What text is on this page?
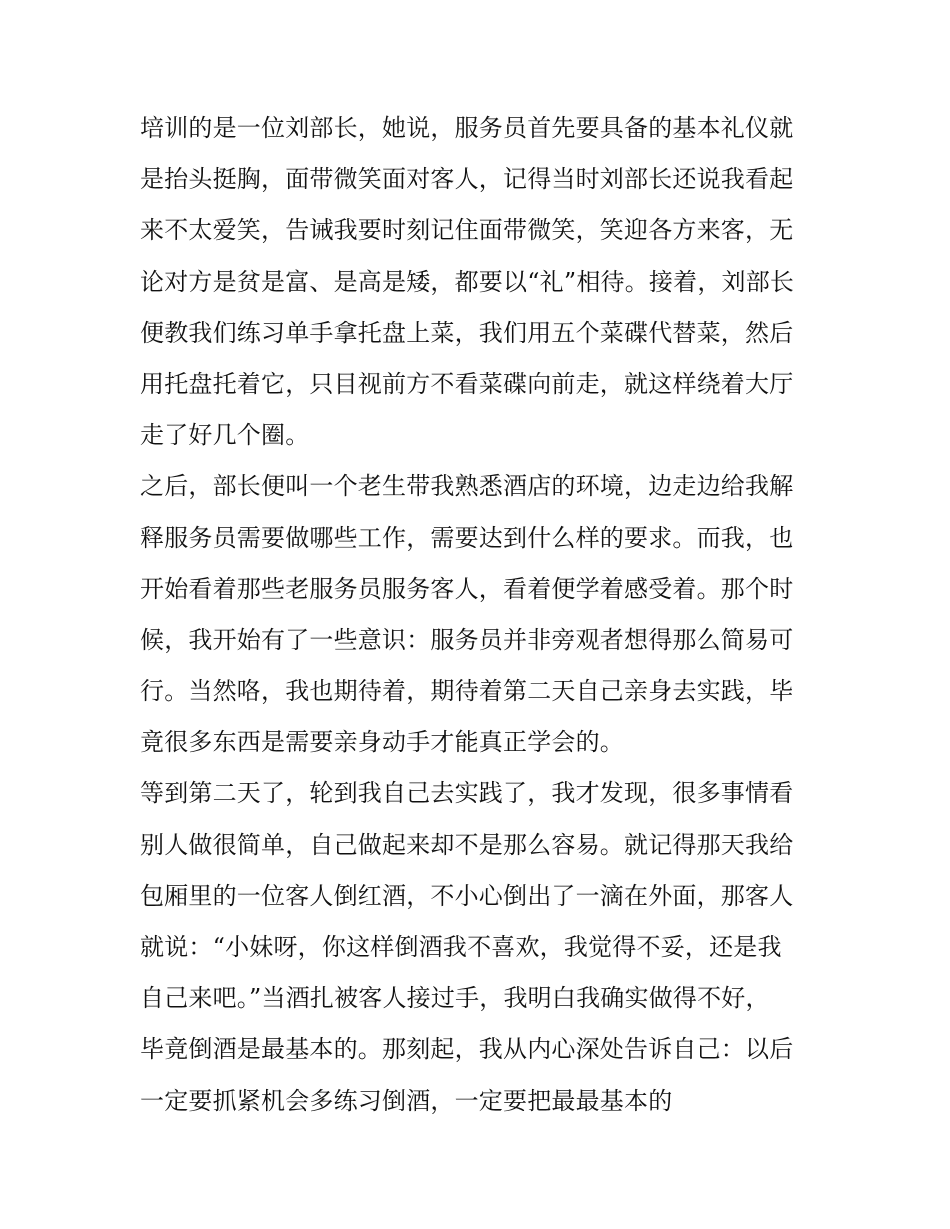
培训的是一位刘部长，她说，服务员首先要具备的基本礼仪就
是抬头挺胸，面带微笑面对客人，记得当时刘部长还说我看起
来不太爱笑，告诫我要时刻记住面带微笑，笑迎各方来客，无
论对方是贫是富、是高是矮，都要以“礼”相待。接着，刘部长
便教我们练习单手拿托盘上菜，我们用五个菜碟代替菜，然后
用托盘托着它，只目视前方不看菜碟向前走，就这样绕着大厅
走了好几个圈。
之后，部长便叫一个老生带我熟悉酒店的环境，边走边给我解
释服务员需要做哪些工作，需要达到什么样的要求。而我，也
开始看着那些老服务员服务客人，看着便学着感受着。那个时
候，我开始有了一些意识：服务员并非旁观者想得那么简易可
行。当然咯，我也期待着，期待着第二天自己亲身去实践，毕
竟很多东西是需要亲身动手才能真正学会的。
等到第二天了，轮到我自己去实践了，我才发现，很多事情看
别人做很简单，自己做起来却不是那么容易。就记得那天我给
包厢里的一位客人倒红酒，不小心倒出了一滴在外面，那客人
就说：“小妹呀，你这样倒酒我不喜欢，我觉得不妥，还是我
自己来吧。”当酒扎被客人接过手，我明白我确实做得不好，
毕竟倒酒是最基本的。那刻起，我从内心深处告诉自己：以后
一定要抓紧机会多练习倒酒，一定要把最最基本的
